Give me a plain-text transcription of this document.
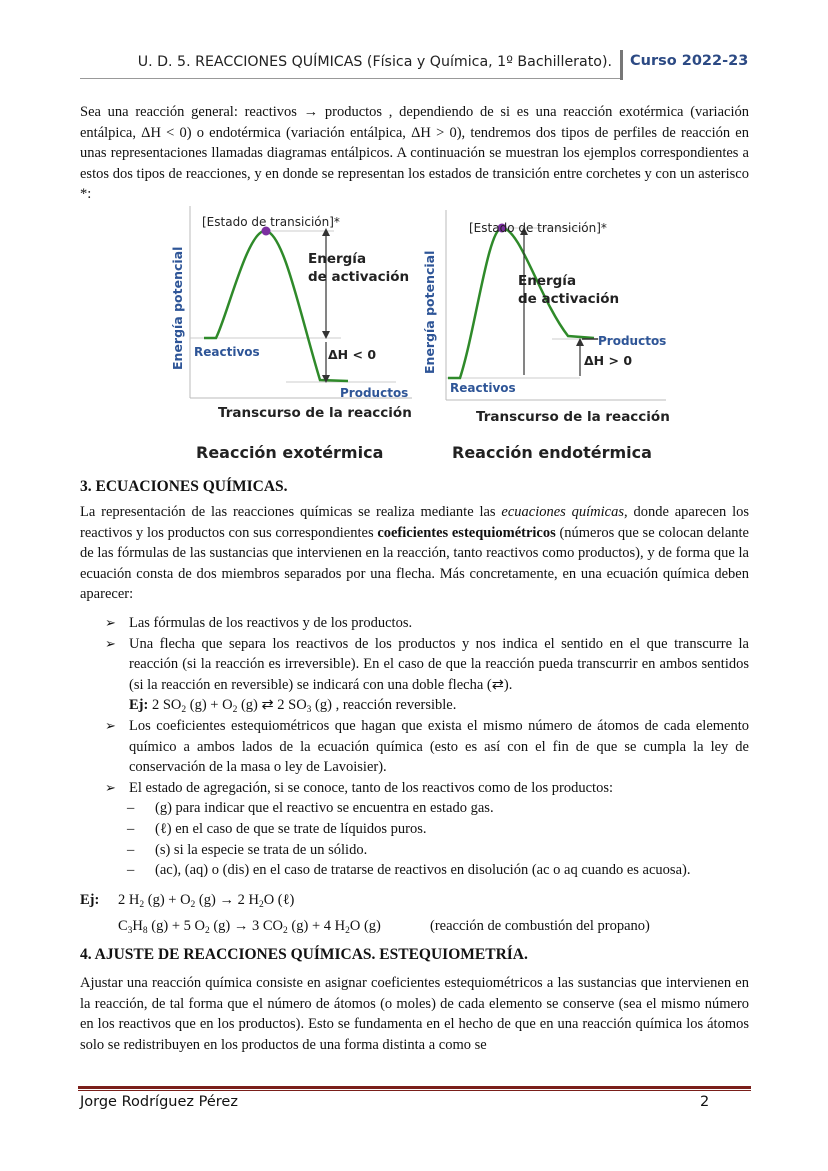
U. D. 5. REACCIONES QUÍMICAS (Física y Química, 1º Bachillerato). Curso 2022-23
Sea una reacción general: reactivos → productos , dependiendo de si es una reacción exotérmica (variación entálpica, ΔH < 0) o endotérmica (variación entálpica, ΔH > 0), tendremos dos tipos de perfiles de reacción en unas representaciones llamadas diagramas entálpicos. A continuación se muestran los ejemplos correspondientes a estos dos tipos de reacciones, y en donde se representan los estados de transición entre corchetes y con un asterisco *:
[Estado de transición]*
Energía potencial	Energía
de activación
Reactivos	ΔH < 0
Productos
Transcurso de la reacción
Reacción exotérmica
[Estado de transición]*
Energía potencial	Energía
de activación
Reactivos
ΔH > 0
Productos
Transcurso de la reacción
Reacción endotérmica
3. ECUACIONES QUÍMICAS.
La representación de las reacciones químicas se realiza mediante las ecuaciones químicas, donde aparecen los reactivos y los productos con sus correspondientes coeficientes estequiométricos (números que se colocan delante de las fórmulas de las sustancias que intervienen en la reacción, tanto reactivos como productos), y de forma que la ecuación consta de dos miembros separados por una flecha. Más concretamente, en una ecuación química deben aparecer:
➢ Las fórmulas de los reactivos y de los productos.
➢ Una flecha que separa los reactivos de los productos y nos indica el sentido en el que transcurre la reacción (si la reacción es irreversible). En el caso de que la reacción pueda transcurrir en ambos sentidos (si la reacción en reversible) se indicará con una doble flecha (⇄).
Ej: 2 $SO_2$ $(g) + O_2$ (g) ⇄ 2 $SO_3$ (g) , reacción reversible.
➢ Los coeficientes estequiométricos que hagan que exista el mismo número de átomos de cada elemento químico a ambos lados de la ecuación química (esto es así con el fin de que se cumpla la ley de conservación de la masa o ley de Lavoisier).
➢ El estado de agregación, si se conoce, tanto de los reactivos como de los productos:
– (g) para indicar que el reactivo se encuentra en estado gas.
– (ℓ) en el caso de que se trate de líquidos puros.
– (s) si la especie se trata de un sólido.
– (ac), (aq) o (dis) en el caso de tratarse de reactivos en disolución (ac o aq cuando es acuosa).
Ej: 2 $H_2$ $(g) + O_2$ (g) → 2 $H_2O$ (ℓ)
$C_3H_8$ (g) + 5 $O_2$ (g) → 3 $CO_2$ (g) + 4 $H_2O$ (g)	(reacción de combustión del propano)
4. AJUSTE DE REACCIONES QUÍMICAS. ESTEQUIOMETRÍA.
Ajustar una reacción química consiste en asignar coeficientes estequiométricos a las sustancias que intervienen en la reacción, de tal forma que el número de átomos (o moles) de cada elemento se conserve (sea el mismo número en los reactivos que en los productos). Esto se fundamenta en el hecho de que en una reacción química los átomos solo se redistribuyen en los productos de una forma distinta a como se
Jorge Rodríguez Pérez	2
